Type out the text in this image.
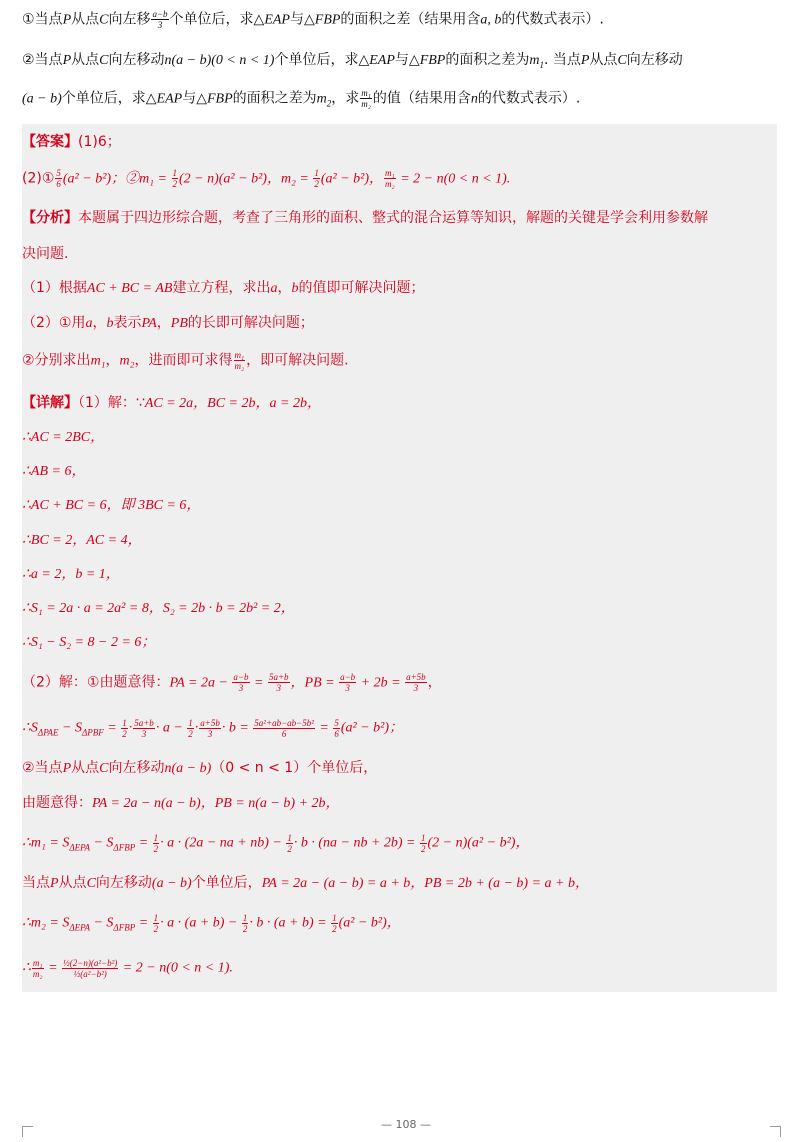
①当点P从点C向左移 $\frac{a-b}{3}$ 个单位后，求△EAP与△FBP的面积之差（结果用含a, b的代数式表示）.
②当点P从点C向左移动n(a − b)(0 < n < 1)个单位后，求△EAP与△FBP的面积之差为$m_1$. 当点P从点C向左移动
(a − b)个单位后，求△EAP与△FBP的面积之差为$m_2$，求 $\frac{\text{m₁}}{\text{m₂}}$ 的值（结果用含n的代数式表示）.
【答案】(1)6；
(2)① $\frac{5}{6} (a^2 - b^2)$；②m₁ = $\frac{1}{2} (2 - n)(a^2 - b^2)$，$m_2 = \frac{1}{2} (a^2 - b^2)$， $\frac{\text{m₁}}{\text{m₂}} = 2 - n(0 < n < 1)$.
【分析】本题属于四边形综合题，考查了三角形的面积、整式的混合运算等知识，解题的关键是学会利用参数解
决问题.
（1）根据AC + BC = AB建立方程，求出a，b的值即可解决问题；
（2）①用a，b表示PA，PB的长即可解决问题；
②分别求出m₁，m₂，进而即可求得 $\frac{\text{m₁}}{\text{m₂}}$ ，即可解决问题.
【详解】（1）解：∵AC = 2a，BC = 2b，a = 2b，
∴AC = 2BC，
∴AB = 6，
∴AC + BC = 6，即 3BC = 6，
∴BC = 2，AC = 4，
∴a = 2，b = 1，
∴S₁ = 2a · a = 2a² = 8，S₂ = 2b · b = 2b² = 2，
∴S₁ − S₂ = 8 − 2 = 6；
（2）解：①由题意得：PA = $2a - \frac{a-b}{3} = \frac{5a+b}{3}$ ，PB = $\frac{a-b}{3} + 2b = \frac{a+5b}{3}$ ，
$\therefore S_{\Delta PAE} - S_{\Delta PBF} = \frac{1}{2} \cdot \frac{5a+b}{3} \cdot a - \frac{1}{2} \cdot \frac{a+5b}{3} \cdot b = \frac{\text{5a²+ab−ab−5b²}}{6} = \frac{5}{6} (a^2 - b^2)$；
②当点P从点C向左移动n(a − b)（0 < n < 1）个单位后，
由题意得：PA = 2a − n(a − b)，PB = n(a − b) + 2b，
∴m₁ = $S_{\Delta EPA} - S_{\Delta FBP} = \frac{1}{2} \cdot a \cdot (2a$ − na + $nb) - \frac{1}{2} \cdot b \cdot (na$ − nb + $2b) = \frac{1}{2} (2 - n)(a^2 - b^2)$，
当点P从点C向左移动(a − b)个单位后，PA = 2a − (a − b) = a + b，PB = 2b + (a − b) = a + b，
∴m₂ = $S_{\Delta EPA} - S_{\Delta FBP} = \frac{1}{2} \cdot a \cdot (a + b) - \frac{1}{2} \cdot b \cdot (a + b) = \frac{1}{2} (a^2 - b^2)$，
∴ $\frac{\text{m₁}}{\text{m₂}} = \frac{\text{½(2−n)(a²−b²)}}{\text{½(a²−b²)}} = 2 - n(0 < n < 1)$.
— 108 —
